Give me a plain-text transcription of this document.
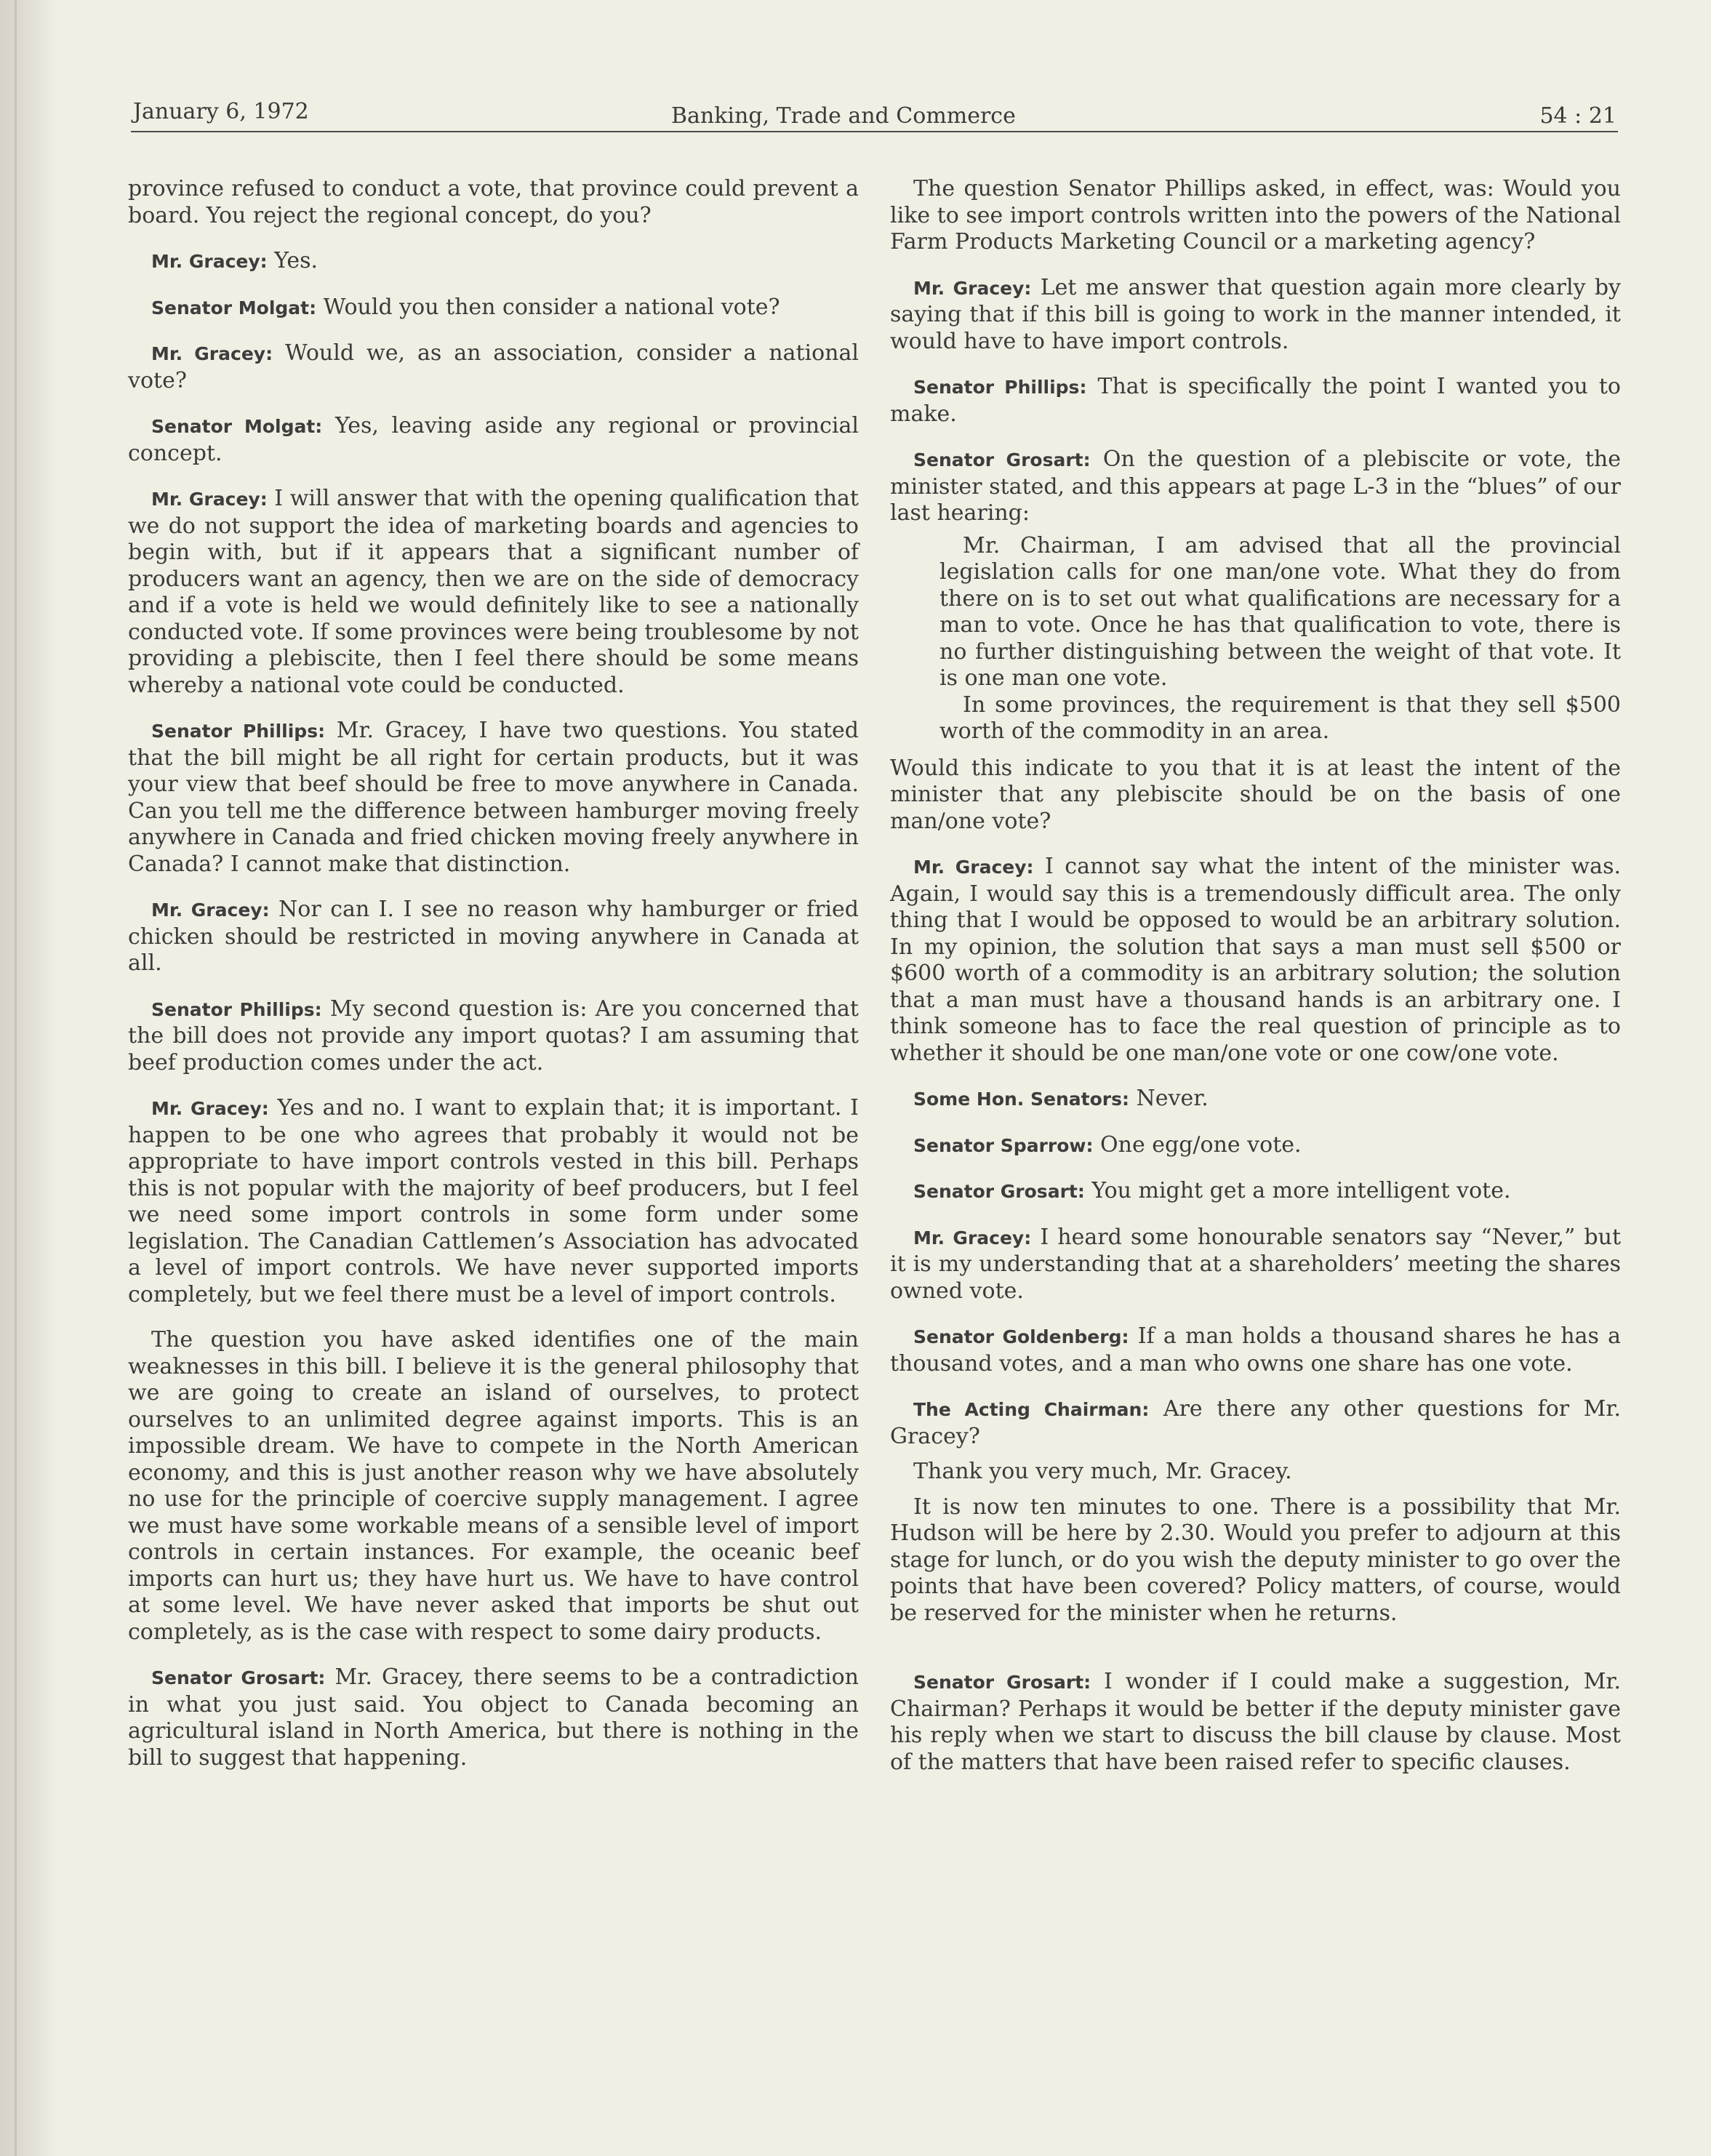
January 6, 1972	Banking, Trade and Commerce	54 : 21

province refused to conduct a vote, that province could prevent a board. You reject the regional concept, do you?

Mr. Gracey: Yes.

Senator Molgat: Would you then consider a national vote?

Mr. Gracey: Would we, as an association, consider a national vote?

Senator Molgat: Yes, leaving aside any regional or provincial concept.

Mr. Gracey: I will answer that with the opening qualification that we do not support the idea of marketing boards and agencies to begin with, but if it appears that a significant number of producers want an agency, then we are on the side of democracy and if a vote is held we would definitely like to see a nationally conducted vote. If some provinces were being troublesome by not providing a plebiscite, then I feel there should be some means whereby a national vote could be conducted.

Senator Phillips: Mr. Gracey, I have two questions. You stated that the bill might be all right for certain products, but it was your view that beef should be free to move anywhere in Canada. Can you tell me the difference between hamburger moving freely anywhere in Canada and fried chicken moving freely anywhere in Canada? I cannot make that distinction.

Mr. Gracey: Nor can I. I see no reason why hamburger or fried chicken should be restricted in moving anywhere in Canada at all.

Senator Phillips: My second question is: Are you concerned that the bill does not provide any import quotas? I am assuming that beef production comes under the act.

Mr. Gracey: Yes and no. I want to explain that; it is important. I happen to be one who agrees that probably it would not be appropriate to have import controls vested in this bill. Perhaps this is not popular with the majority of beef producers, but I feel we need some import controls in some form under some legislation. The Canadian Cattlemen’s Association has advocated a level of import controls. We have never supported imports completely, but we feel there must be a level of import controls.

The question you have asked identifies one of the main weaknesses in this bill. I believe it is the general philosophy that we are going to create an island of ourselves, to protect ourselves to an unlimited degree against imports. This is an impossible dream. We have to compete in the North American economy, and this is just another reason why we have absolutely no use for the principle of coercive supply management. I agree we must have some workable means of a sensible level of import controls in certain instances. For example, the oceanic beef imports can hurt us; they have hurt us. We have to have control at some level. We have never asked that imports be shut out completely, as is the case with respect to some dairy products.

Senator Grosart: Mr. Gracey, there seems to be a contradiction in what you just said. You object to Canada becoming an agricultural island in North America, but there is nothing in the bill to suggest that happening.

The question Senator Phillips asked, in effect, was: Would you like to see import controls written into the powers of the National Farm Products Marketing Council or a marketing agency?

Mr. Gracey: Let me answer that question again more clearly by saying that if this bill is going to work in the manner intended, it would have to have import controls.

Senator Phillips: That is specifically the point I wanted you to make.

Senator Grosart: On the question of a plebiscite or vote, the minister stated, and this appears at page L-3 in the “blues” of our last hearing:

Mr. Chairman, I am advised that all the provincial legislation calls for one man/one vote. What they do from there on is to set out what qualifications are necessary for a man to vote. Once he has that qualification to vote, there is no further distinguishing between the weight of that vote. It is one man one vote.

In some provinces, the requirement is that they sell $500 worth of the commodity in an area.

Would this indicate to you that it is at least the intent of the minister that any plebiscite should be on the basis of one man/one vote?

Mr. Gracey: I cannot say what the intent of the minister was. Again, I would say this is a tremendously difficult area. The only thing that I would be opposed to would be an arbitrary solution. In my opinion, the solution that says a man must sell $500 or $600 worth of a commodity is an arbitrary solution; the solution that a man must have a thousand hands is an arbitrary one. I think someone has to face the real question of principle as to whether it should be one man/one vote or one cow/one vote.

Some Hon. Senators: Never.

Senator Sparrow: One egg/one vote.

Senator Grosart: You might get a more intelligent vote.

Mr. Gracey: I heard some honourable senators say “Never,” but it is my understanding that at a shareholders’ meeting the shares owned vote.

Senator Goldenberg: If a man holds a thousand shares he has a thousand votes, and a man who owns one share has one vote.

The Acting Chairman: Are there any other questions for Mr. Gracey?

Thank you very much, Mr. Gracey.

It is now ten minutes to one. There is a possibility that Mr. Hudson will be here by 2.30. Would you prefer to adjourn at this stage for lunch, or do you wish the deputy minister to go over the points that have been covered? Policy matters, of course, would be reserved for the minister when he returns.

Senator Grosart: I wonder if I could make a suggestion, Mr. Chairman? Perhaps it would be better if the deputy minister gave his reply when we start to discuss the bill clause by clause. Most of the matters that have been raised refer to specific clauses.
